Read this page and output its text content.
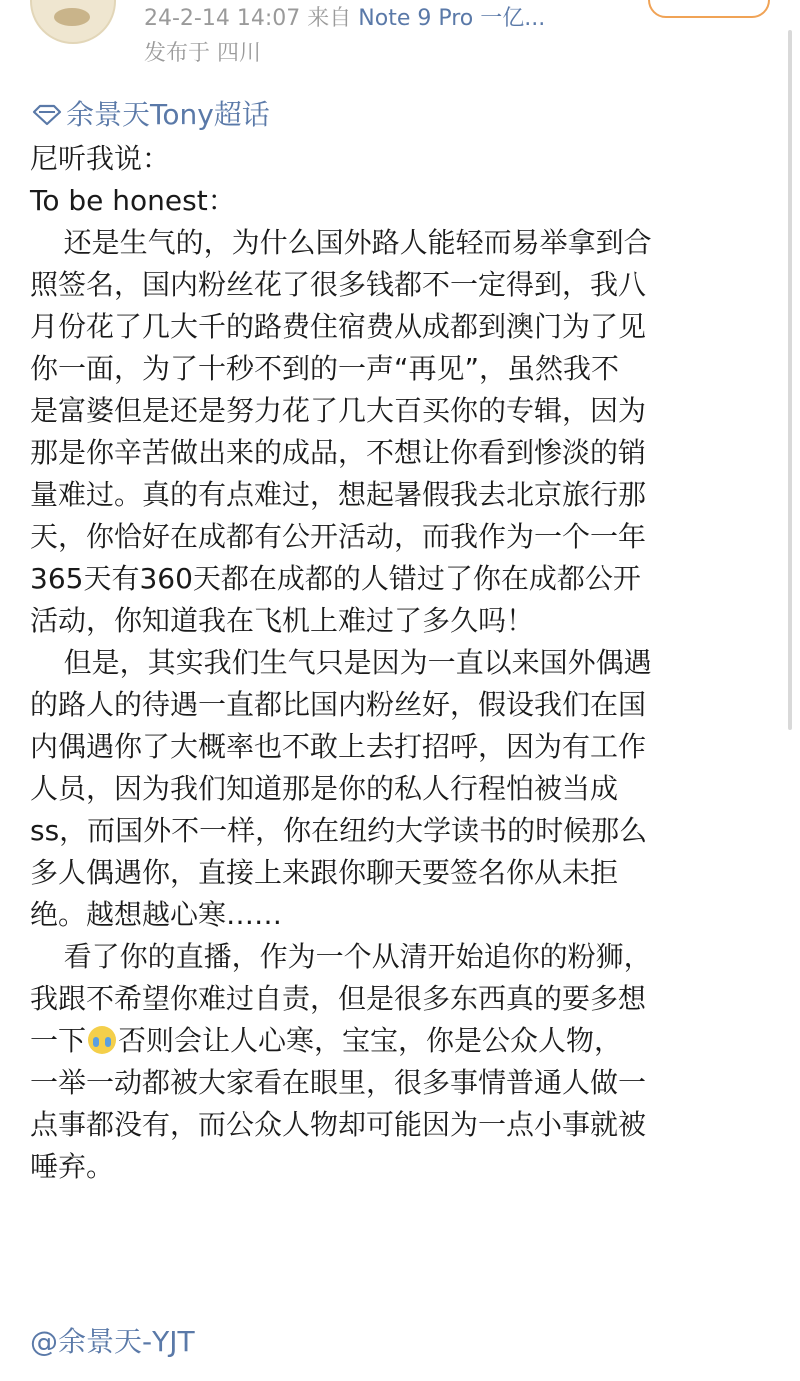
24-2-14 14:07 来自 Note 9 Pro 一亿...
发布于 四川
余景天Tony超话
尼听我说：
To be honest：
还是生气的，为什么国外路人能轻而易举拿到合
照签名，国内粉丝花了很多钱都不一定得到，我八
月份花了几大千的路费住宿费从成都到澳门为了见
你一面，为了十秒不到的一声“再见”，虽然我不
是富婆但是还是努力花了几大百买你的专辑，因为
那是你辛苦做出来的成品，不想让你看到惨淡的销
量难过。真的有点难过，想起暑假我去北京旅行那
天，你恰好在成都有公开活动，而我作为一个一年
365天有360天都在成都的人错过了你在成都公开
活动，你知道我在飞机上难过了多久吗！
但是，其实我们生气只是因为一直以来国外偶遇
的路人的待遇一直都比国内粉丝好，假设我们在国
内偶遇你了大概率也不敢上去打招呼，因为有工作
人员，因为我们知道那是你的私人行程怕被当成
ss，而国外不一样，你在纽约大学读书的时候那么
多人偶遇你，直接上来跟你聊天要签名你从未拒
绝。越想越心寒……
看了你的直播，作为一个从清开始追你的粉狮，
我跟不希望你难过自责，但是很多东西真的要多想
一下 否则会让人心寒，宝宝，你是公众人物，
一举一动都被大家看在眼里，很多事情普通人做一
点事都没有，而公众人物却可能因为一点小事就被
唾弃。
@余景天-YJT
